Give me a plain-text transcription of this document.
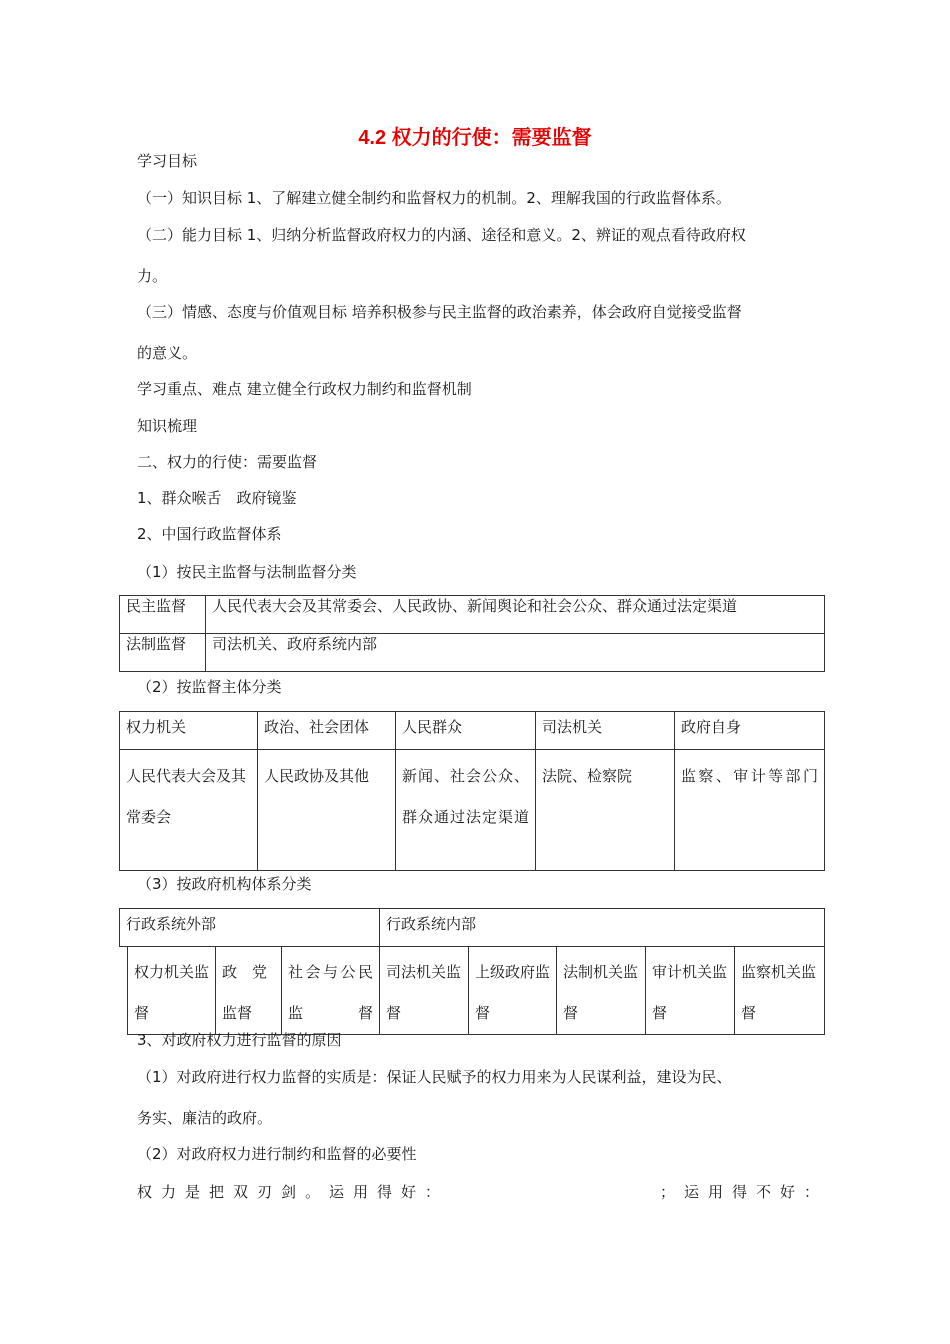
4.2 权力的行使：需要监督
学习目标
（一）知识目标 1、了解建立健全制约和监督权力的机制。2、理解我国的行政监督体系。
（二）能力目标 1、归纳分析监督政府权力的内涵、途径和意义。2、辨证的观点看待政府权
力。
（三）情感、态度与价值观目标 培养积极参与民主监督的政治素养，体会政府自觉接受监督
的意义。
学习重点、难点 建立健全行政权力制约和监督机制
知识梳理
二、权力的行使：需要监督
1、群众喉舌　政府镜鉴
2、中国行政监督体系
（1）按民主监督与法制监督分类
民主监督	人民代表大会及其常委会、人民政协、新闻舆论和社会公众、群众通过法定渠道
法制监督	司法机关、政府系统内部
（2）按监督主体分类
权力机关	政治、社会团体	人民群众	司法机关	政府自身
人民代表大会及其常委会	人民政协及其他	新闻、社会公众、群众通过法定渠道	法院、检察院	监察、审计等部门
（3）按政府机构体系分类
行政系统外部				行政系统内部				
	权力机关监督	政　党监督	社会与公民监督	司法机关监督	上级政府监督	法制机关监督	审计机关监督	监察机关监督
3、对政府权力进行监督的原因
（1）对政府进行权力监督的实质是：保证人民赋予的权力用来为人民谋利益，建设为民、
务实、廉洁的政府。
（2）对政府权力进行制约和监督的必要性
权力是把双刃剑。运用得好：	；运用得不好：
